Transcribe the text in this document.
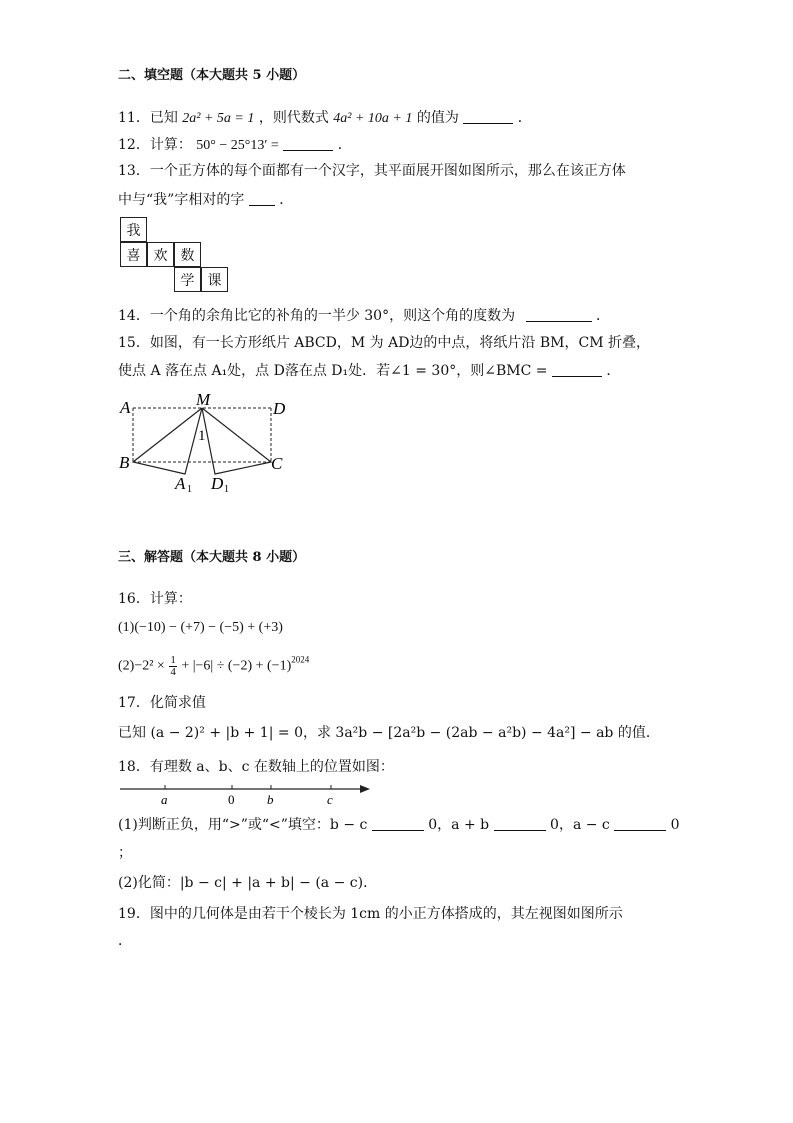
二、填空题（本大题共 5 小题）
11．已知 2a² + 5a = 1 ，则代数式 4a² + 10a + 1 的值为	．
12．计算： 50° − 25°13′ =	．
13．一个正方体的每个面都有一个汉字，其平面展开图如图所示，那么在该正方体
中与“我”字相对的字 ．
我
喜 欢 数
学 课
14．一个角的余角比它的补角的一半少 30°，则这个角的度数为	．
15．如图，有一长方形纸片 ABCD，M 为 AD边的中点，将纸片沿 BM，CM 折叠，
使点 A 落在点 A₁处，点 D落在点 D₁处．若∠1 = 30°，则∠BMC =	．
A	M	D
B	C
1
A 1 D 1
三、解答题（本大题共 8 小题）
16．计算：
(1)(−10) − (+7) − (−5) + (+3)
$(2)-2^2 \times \frac{1}{4} + |-6| \div (-2) + (-1)^{2024}$
17．化简求值
已知 (a − 2)² + |b + 1| = 0，求 3a²b − [2a²b − (2ab − a²b) − 4a²] − ab 的值．
18．有理数 a、b、c 在数轴上的位置如图：
a	0	b	c
(1)判断正负，用“>”或“<”填空：b − c	0，a + b	0，a − c	0
；
(2)化简：|b − c| + |a + b| − (a − c)．
19．图中的几何体是由若干个棱长为 1cm 的小正方体搭成的，其左视图如图所示
．
